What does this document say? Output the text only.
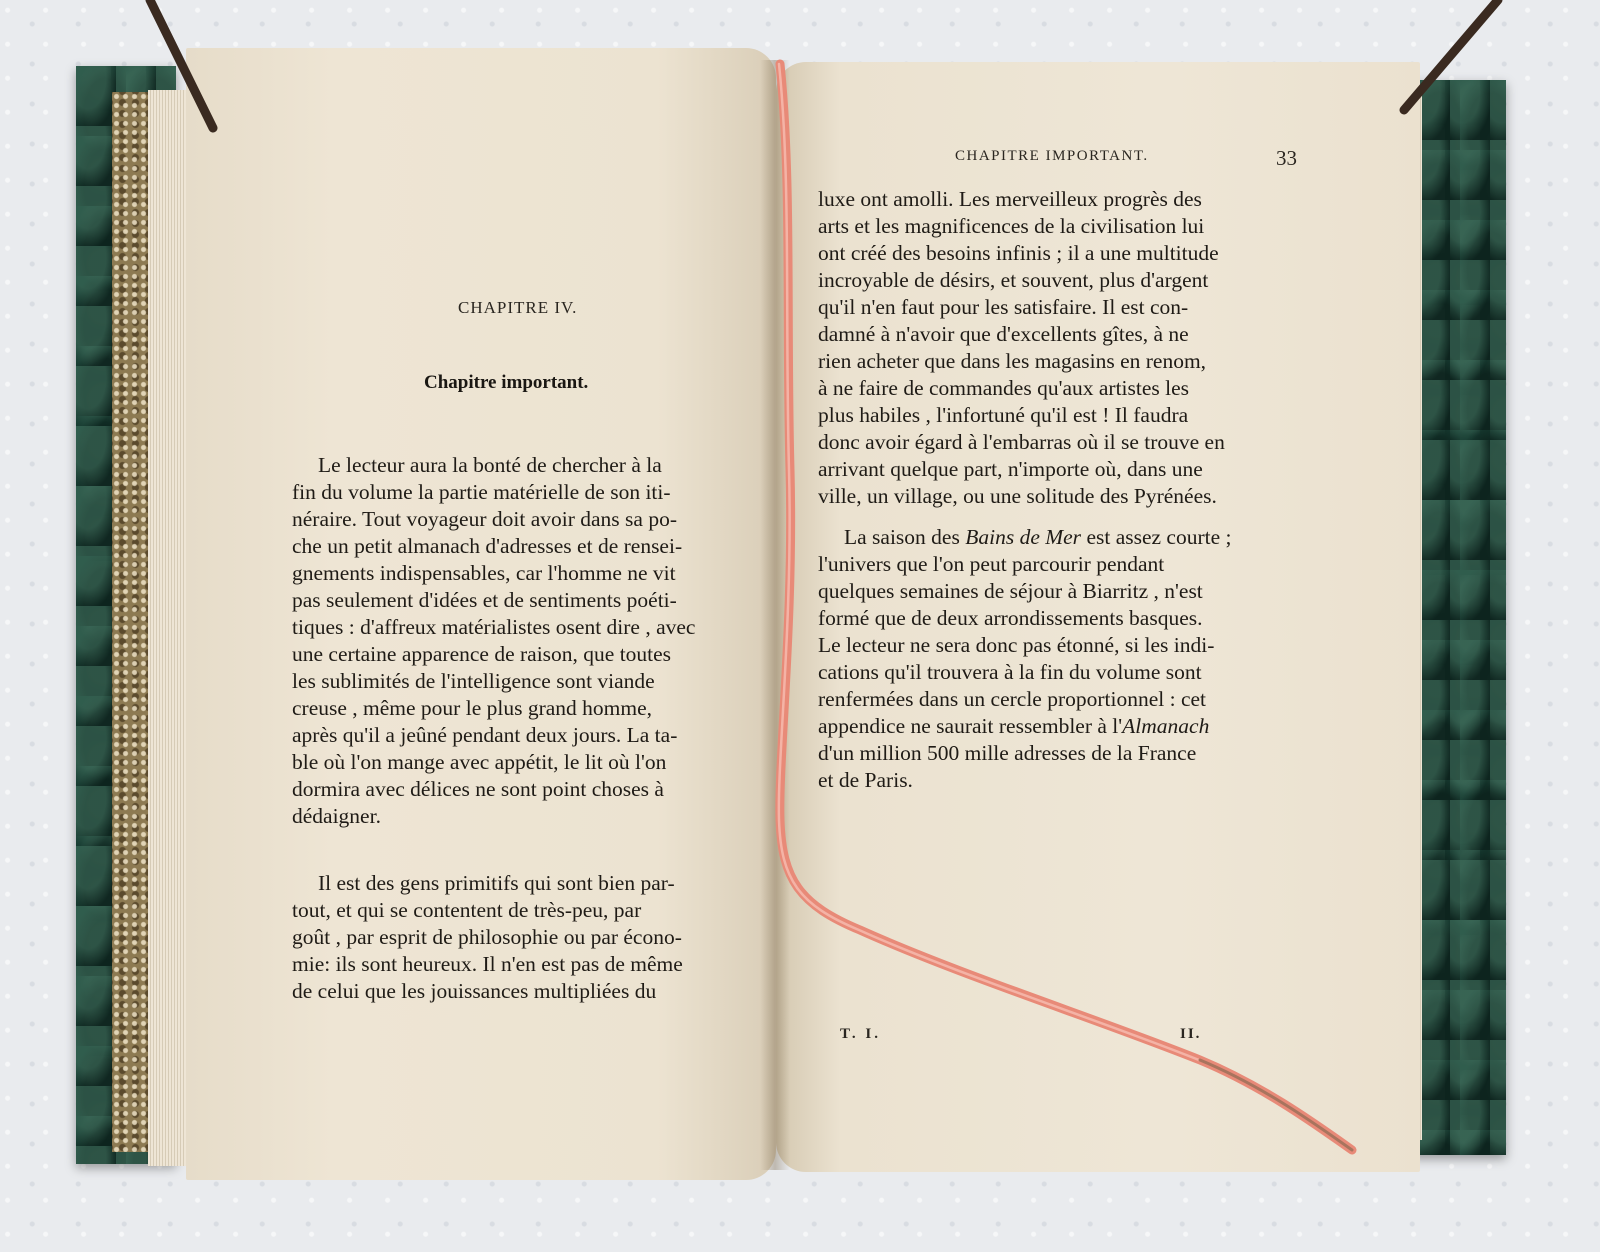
CHAPITRE IV.
Chapitre important.
Le lecteur aura la bonté de chercher à la
fin du volume la partie matérielle de son iti-
néraire. Tout voyageur doit avoir dans sa po-
che un petit almanach d'adresses et de rensei-
gnements indispensables, car l'homme ne vit
pas seulement d'idées et de sentiments poéti-
tiques : d'affreux matérialistes osent dire , avec
une certaine apparence de raison, que toutes
les sublimités de l'intelligence sont viande
creuse , même pour le plus grand homme,
après qu'il a jeûné pendant deux jours. La ta-
ble où l'on mange avec appétit, le lit où l'on
dormira avec délices ne sont point choses à
dédaigner.
Il est des gens primitifs qui sont bien par-
tout, et qui se contentent de très-peu, par
goût , par esprit de philosophie ou par écono-
mie: ils sont heureux. Il n'en est pas de même
de celui que les jouissances multipliées du
CHAPITRE IMPORTANT.	33
luxe ont amolli. Les merveilleux progrès des
arts et les magnificences de la civilisation lui
ont créé des besoins infinis ; il a une multitude
incroyable de désirs, et souvent, plus d'argent
qu'il n'en faut pour les satisfaire. Il est con-
damné à n'avoir que d'excellents gîtes, à ne
rien acheter que dans les magasins en renom,
à ne faire de commandes qu'aux artistes les
plus habiles , l'infortuné qu'il est ! Il faudra
donc avoir égard à l'embarras où il se trouve en
arrivant quelque part, n'importe où, dans une
ville, un village, ou une solitude des Pyrénées.
La saison des Bains de Mer est assez courte ;
l'univers que l'on peut parcourir pendant
quelques semaines de séjour à Biarritz , n'est
formé que de deux arrondissements basques.
Le lecteur ne sera donc pas étonné, si les indi-
cations qu'il trouvera à la fin du volume sont
renfermées dans un cercle proportionnel : cet
appendice ne saurait ressembler à l'Almanach
d'un million 500 mille adresses de la France
et de Paris.
T. I.	II.
